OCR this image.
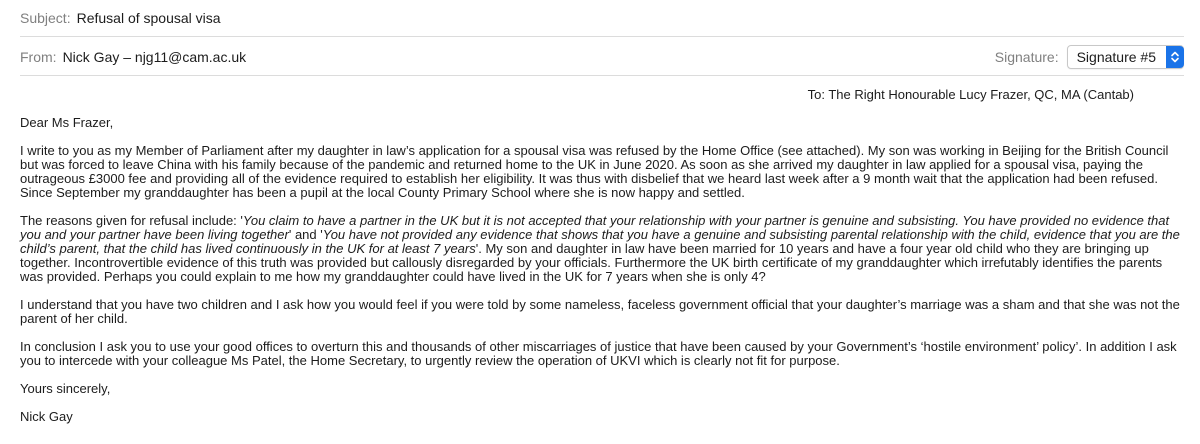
Subject: Refusal of spousal visa
From: Nick Gay – njg11@cam.ac.uk	Signature: Signature #5

To: The Right Honourable Lucy Frazer, QC, MA (Cantab)

Dear Ms Frazer,

I write to you as my Member of Parliament after my daughter in law’s application for a spousal visa was refused by the Home Office (see attached). My son was working in Beijing for the British Council but was forced to leave China with his family because of the pandemic and returned home to the UK in June 2020. As soon as she arrived my daughter in law applied for a spousal visa, paying the outrageous £3000 fee and providing all of the evidence required to establish her eligibility. It was thus with disbelief that we heard last week after a 9 month wait that the application had been refused. Since September my granddaughter has been a pupil at the local County Primary School where she is now happy and settled.

The reasons given for refusal include: 'You claim to have a partner in the UK but it is not accepted that your relationship with your partner is genuine and subsisting. You have provided no evidence that you and your partner have been living together' and 'You have not provided any evidence that shows that you have a genuine and subsisting parental relationship with the child, evidence that you are the child’s parent, that the child has lived continuously in the UK for at least 7 years'. My son and daughter in law have been married for 10 years and have a four year old child who they are bringing up together. Incontrovertible evidence of this truth was provided but callously disregarded by your officials. Furthermore the UK birth certificate of my granddaughter which irrefutably identifies the parents was provided. Perhaps you could explain to me how my granddaughter could have lived in the UK for 7 years when she is only 4?

I understand that you have two children and I ask how you would feel if you were told by some nameless, faceless government official that your daughter’s marriage was a sham and that she was not the parent of her child.

In conclusion I ask you to use your good offices to overturn this and thousands of other miscarriages of justice that have been caused by your Government’s ‘hostile environment’ policy’. In addition I ask you to intercede with your colleague Ms Patel, the Home Secretary, to urgently review the operation of UKVI which is clearly not fit for purpose.

Yours sincerely,

Nick Gay
